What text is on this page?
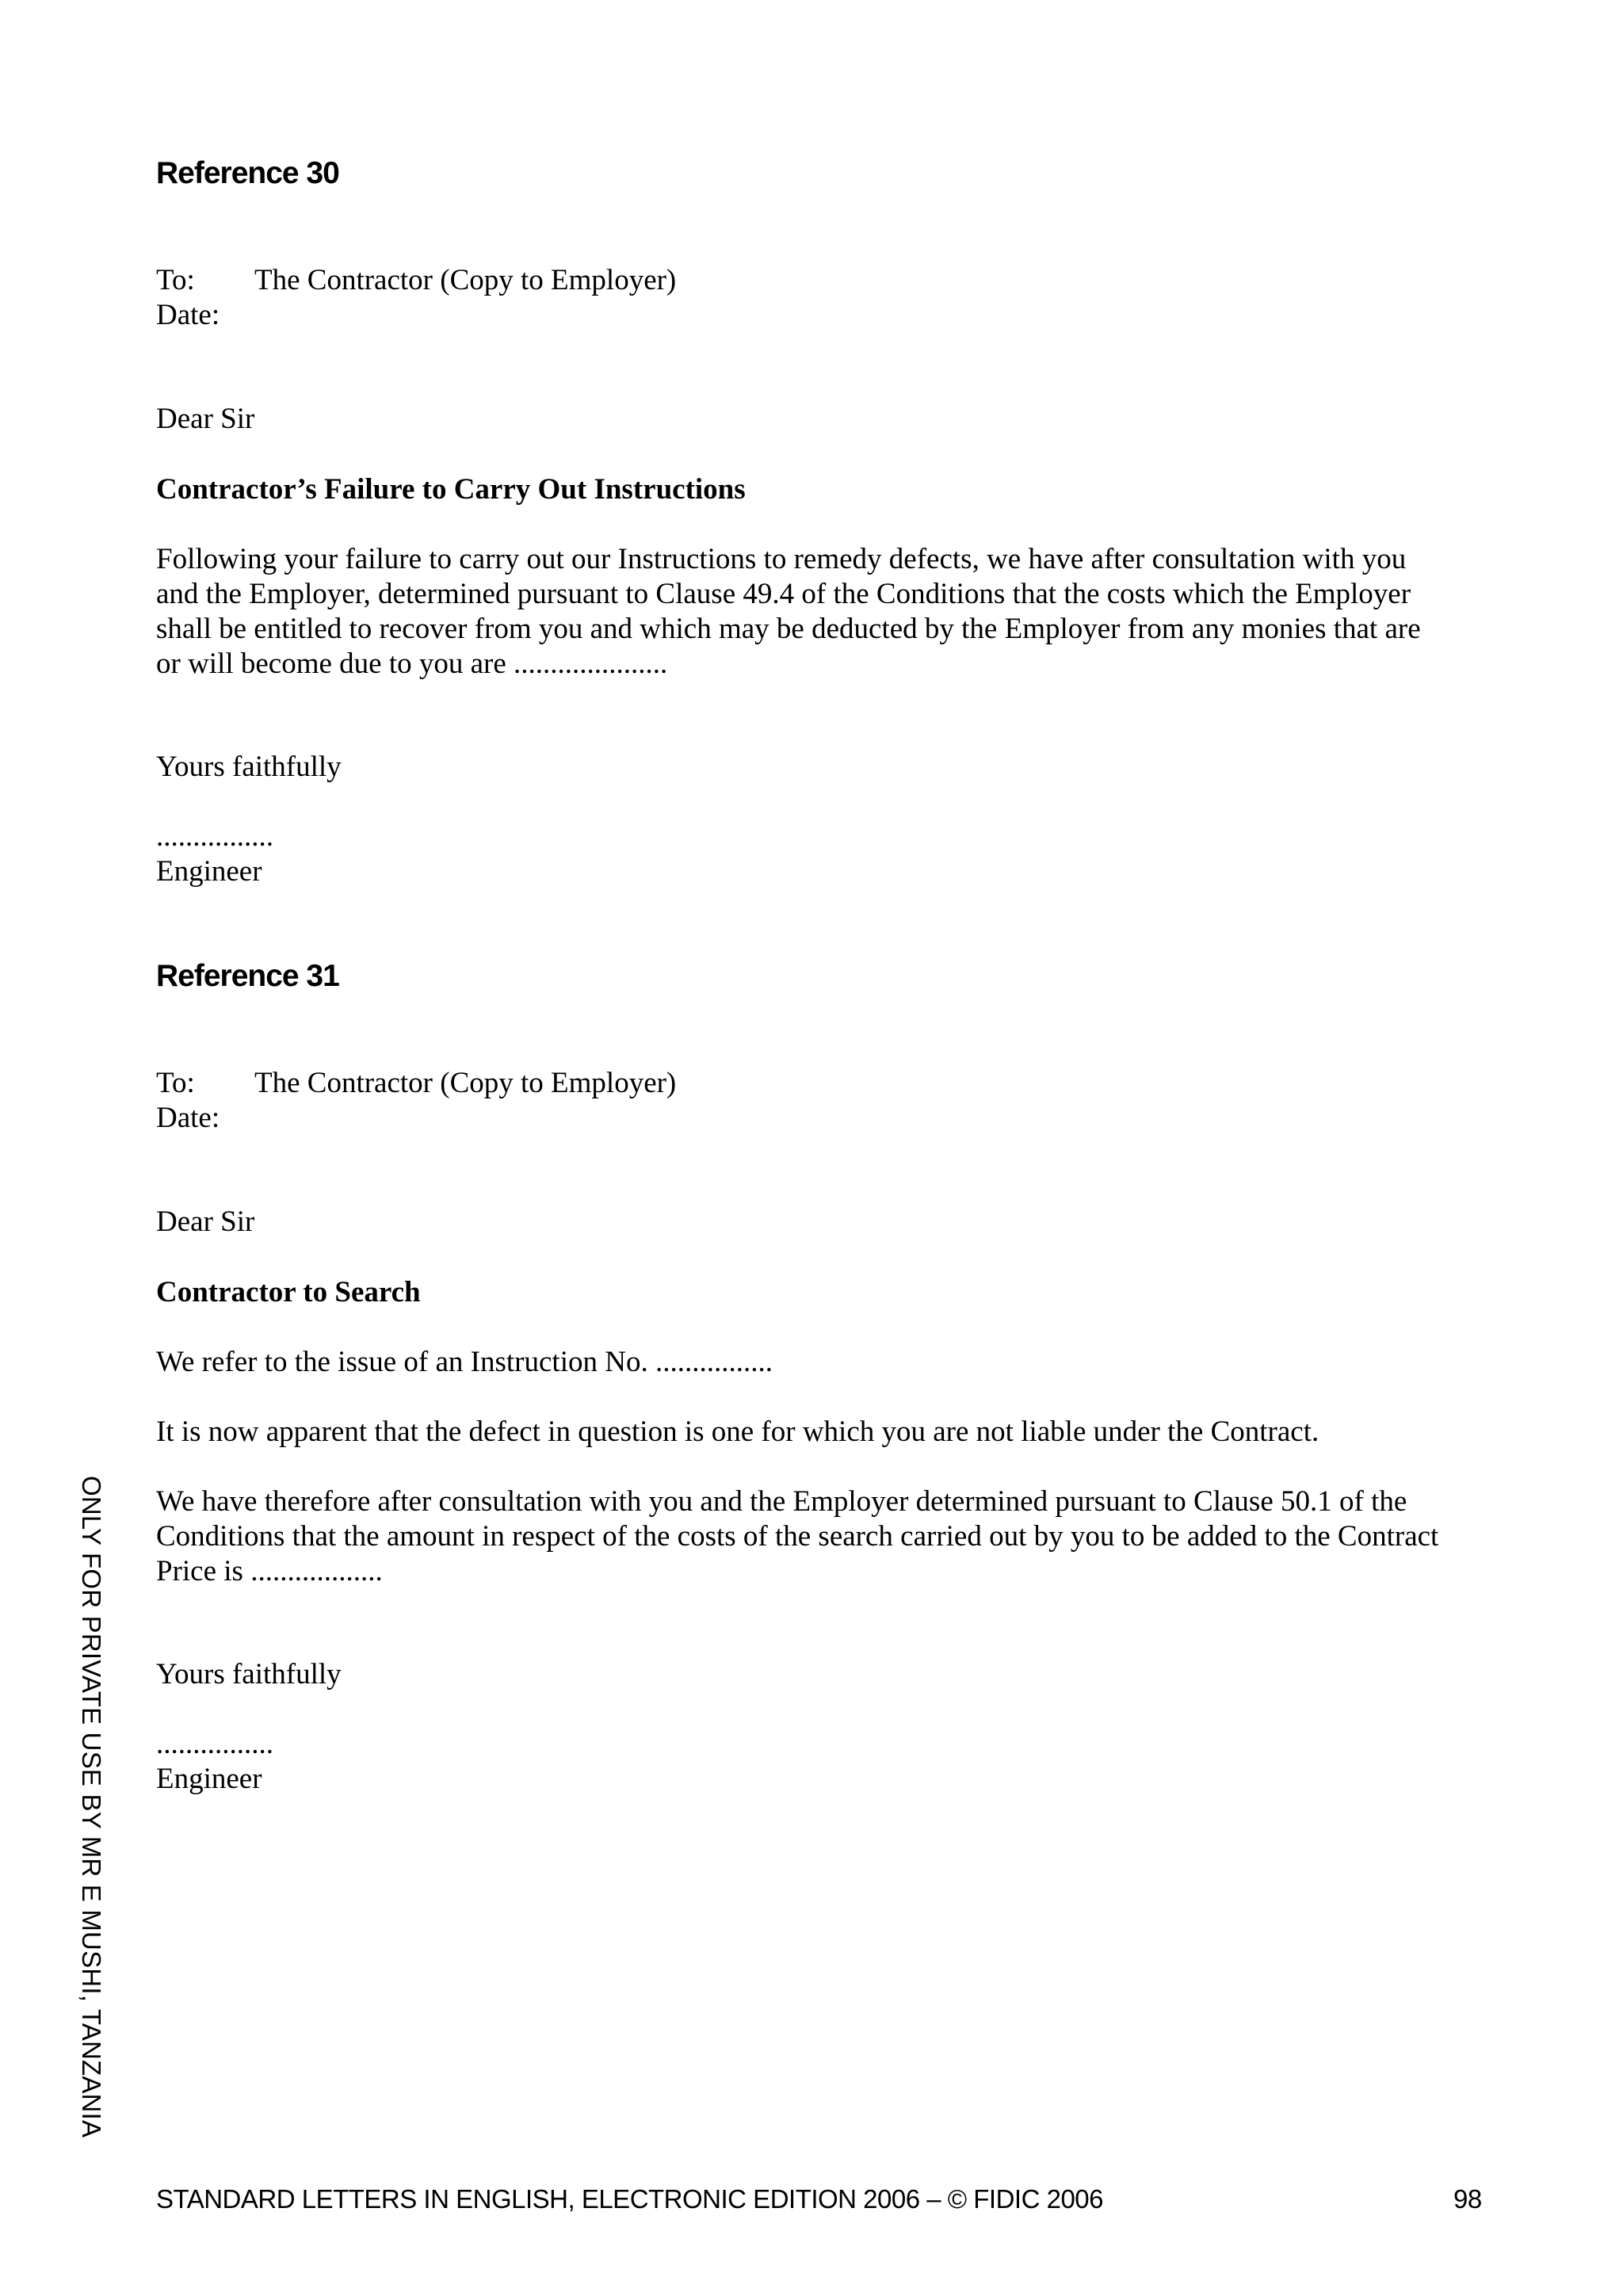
Reference 30
To: The Contractor (Copy to Employer)
Date:
Dear Sir
Contractor’s Failure to Carry Out Instructions
Following your failure to carry out our Instructions to remedy defects, we have after consultation with you
and the Employer, determined pursuant to Clause 49.4 of the Conditions that the costs which the Employer
shall be entitled to recover from you and which may be deducted by the Employer from any monies that are
or will become due to you are .....................
Yours faithfully
................
Engineer
Reference 31
To: The Contractor (Copy to Employer)
Date:
Dear Sir
Contractor to Search
We refer to the issue of an Instruction No. ................
It is now apparent that the defect in question is one for which you are not liable under the Contract.
We have therefore after consultation with you and the Employer determined pursuant to Clause 50.1 of the
Conditions that the amount in respect of the costs of the search carried out by you to be added to the Contract
Price is ..................
Yours faithfully
................
Engineer
ONLY FOR PRIVATE USE BY MR E MUSHI, TANZANIA
STANDARD LETTERS IN ENGLISH, ELECTRONIC EDITION 2006 – © FIDIC 2006	98
